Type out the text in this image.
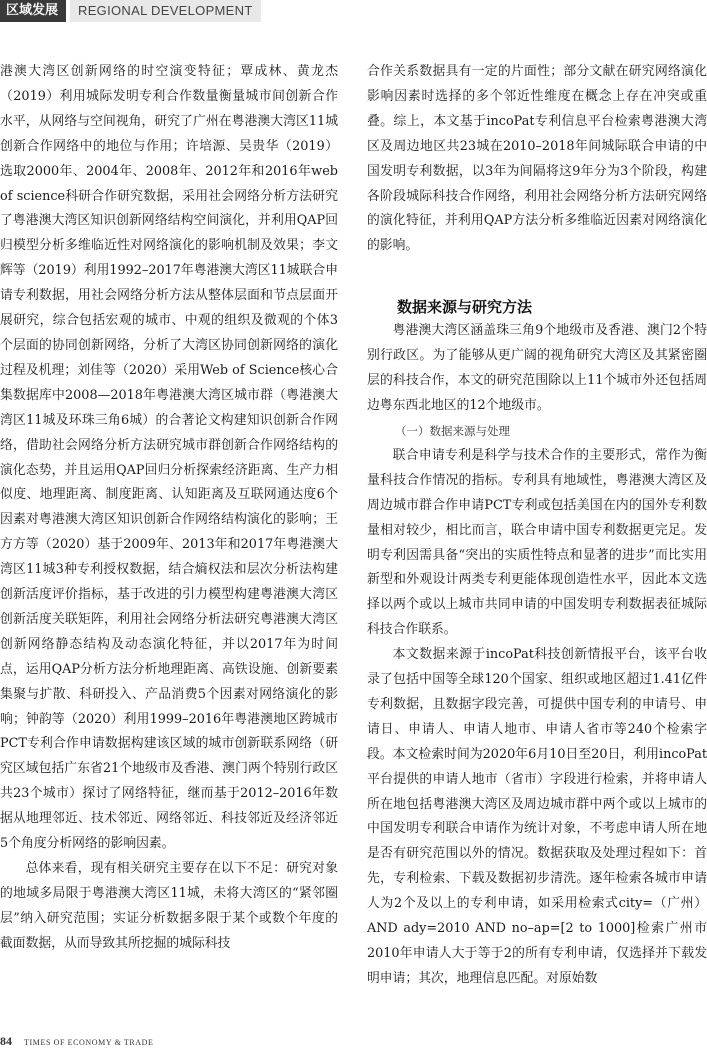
区域发展	REGIONAL DEVELOPMENT

港澳大湾区创新网络的时空演变特征；覃成林、黄龙杰（2019）利用城际发明专利合作数量衡量城市间创新合作水平，从网络与空间视角，研究了广州在粤港澳大湾区11城创新合作网络中的地位与作用；许培源、吴贵华（2019）选取2000年、2004年、2008年、2012年和2016年web of science科研合作研究数据，采用社会网络分析方法研究了粤港澳大湾区知识创新网络结构空间演化，并利用QAP回归模型分析多维临近性对网络演化的影响机制及效果；李文辉等（2019）利用1992–2017年粤港澳大湾区11城联合申请专利数据，用社会网络分析方法从整体层面和节点层面开展研究，综合包括宏观的城市、中观的组织及微观的个体3个层面的协同创新网络，分析了大湾区协同创新网络的演化过程及机理；刘佳等（2020）采用Web of Science核心合集数据库中2008—2018年粤港澳大湾区城市群（粤港澳大湾区11城及环珠三角6城）的合著论文构建知识创新合作网络，借助社会网络分析方法研究城市群创新合作网络结构的演化态势，并且运用QAP回归分析探索经济距离、生产力相似度、地理距离、制度距离、认知距离及互联网通达度6个因素对粤港澳大湾区知识创新合作网络结构演化的影响；王方方等（2020）基于2009年、2013年和2017年粤港澳大湾区11城3种专利授权数据，结合熵权法和层次分析法构建创新活度评价指标，基于改进的引力模型构建粤港澳大湾区创新活度关联矩阵，利用社会网络分析法研究粤港澳大湾区创新网络静态结构及动态演化特征，并以2017年为时间点，运用QAP分析方法分析地理距离、高铁设施、创新要素集聚与扩散、科研投入、产品消费5个因素对网络演化的影响；钟韵等（2020）利用1999–2016年粤港澳地区跨城市PCT专利合作申请数据构建该区域的城市创新联系网络（研究区域包括广东省21个地级市及香港、澳门两个特别行政区共23个城市）探讨了网络特征，继而基于2012–2016年数据从地理邻近、技术邻近、网络邻近、科技邻近及经济邻近5个角度分析网络的影响因素。

总体来看，现有相关研究主要存在以下不足：研究对象的地域多局限于粤港澳大湾区11城，未将大湾区的“紧邻圈层”纳入研究范围；实证分析数据多限于某个或数个年度的截面数据，从而导致其所挖掘的城际科技

合作关系数据具有一定的片面性；部分文献在研究网络演化影响因素时选择的多个邻近性维度在概念上存在冲突或重叠。综上，本文基于incoPat专利信息平台检索粤港澳大湾区及周边地区共23城在2010–2018年间城际联合申请的中国发明专利数据，以3年为间隔将这9年分为3个阶段，构建各阶段城际科技合作网络，利用社会网络分析方法研究网络的演化特征，并利用QAP方法分析多维临近因素对网络演化的影响。

数据来源与研究方法

粤港澳大湾区涵盖珠三角9个地级市及香港、澳门2个特别行政区。为了能够从更广阔的视角研究大湾区及其紧密圈层的科技合作，本文的研究范围除以上11个城市外还包括周边粤东西北地区的12个地级市。

（一）数据来源与处理

联合申请专利是科学与技术合作的主要形式，常作为衡量科技合作情况的指标。专利具有地域性，粤港澳大湾区及周边城市群合作申请PCT专利或包括美国在内的国外专利数量相对较少，相比而言，联合申请中国专利数据更完足。发明专利因需具备“突出的实质性特点和显著的进步”而比实用新型和外观设计两类专利更能体现创造性水平，因此本文选择以两个或以上城市共同申请的中国发明专利数据表征城际科技合作联系。

本文数据来源于incoPat科技创新情报平台，该平台收录了包括中国等全球120个国家、组织或地区超过1.41亿件专利数据，且数据字段完善，可提供中国专利的申请号、申请日、申请人、申请人地市、申请人省市等240个检索字段。本文检索时间为2020年6月10日至20日，利用incoPat平台提供的申请人地市（省市）字段进行检索，并将申请人所在地包括粤港澳大湾区及周边城市群中两个或以上城市的中国发明专利联合申请作为统计对象，不考虑申请人所在地是否有研究范围以外的情况。数据获取及处理过程如下：首先，专利检索、下载及数据初步清洗。逐年检索各城市申请人为2个及以上的专利申请，如采用检索式city=（广州） AND ady=2010 AND no–ap=[2 to 1000]检索广州市2010年申请人大于等于2的所有专利申请，仅选择并下载发明申请；其次，地理信息匹配。对原始数

84 TIMES OF ECONOMY & TRADE
